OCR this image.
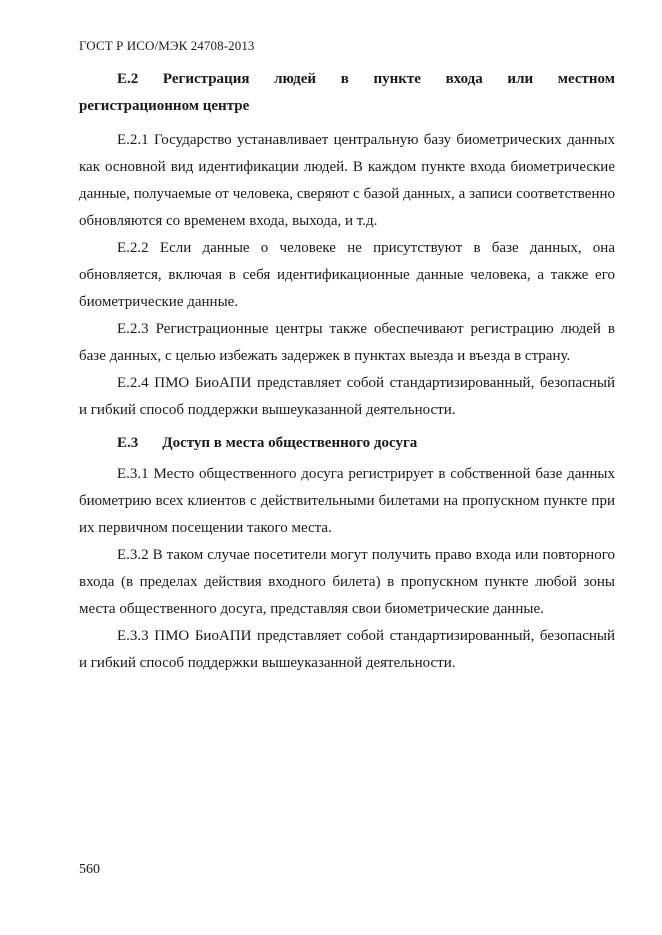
ГОСТ Р ИСО/МЭК 24708-2013
E.2 Регистрация людей в пункте входа или местном
регистрационном центре

E.2.1 Государство устанавливает центральную базу биометрических данных как основной вид идентификации людей. В каждом пункте входа биометрические данные, получаемые от человека, сверяют с базой данных, а записи соответственно обновляются со временем входа, выхода, и т.д.

E.2.2 Если данные о человеке не присутствуют в базе данных, она обновляется, включая в себя идентификационные данные человека, а также его биометрические данные.

E.2.3 Регистрационные центры также обеспечивают регистрацию людей в базе данных, с целью избежать задержек в пунктах выезда и въезда в страну.

E.2.4 ПМО БиоАПИ представляет собой стандартизированный, безопасный и гибкий способ поддержки вышеуказанной деятельности.

E.3 Доступ в места общественного досуга

E.3.1 Место общественного досуга регистрирует в собственной базе данных биометрию всех клиентов с действительными билетами на пропускном пункте при их первичном посещении такого места.

E.3.2 В таком случае посетители могут получить право входа или повторного входа (в пределах действия входного билета) в пропускном пункте любой зоны места общественного досуга, представляя свои биометрические данные.

E.3.3 ПМО БиоАПИ представляет собой стандартизированный, безопасный и гибкий способ поддержки вышеуказанной деятельности.

560
